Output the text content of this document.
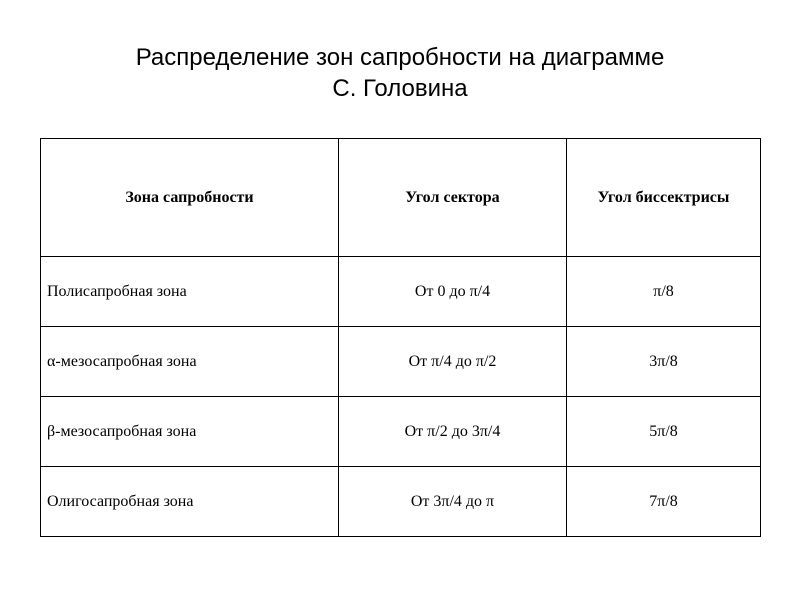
Распределение зон сапробности на диаграмме
С. Головина
Зона сапробности	Угол сектора	Угол биссектрисы
Полисапробная зона	От 0 до π/4	π/8
α-мезосапробная зона	От π/4 до π/2	3π/8
β-мезосапробная зона	От π/2 до 3π/4	5π/8
Олигосапробная зона	От 3π/4 до π	7π/8
